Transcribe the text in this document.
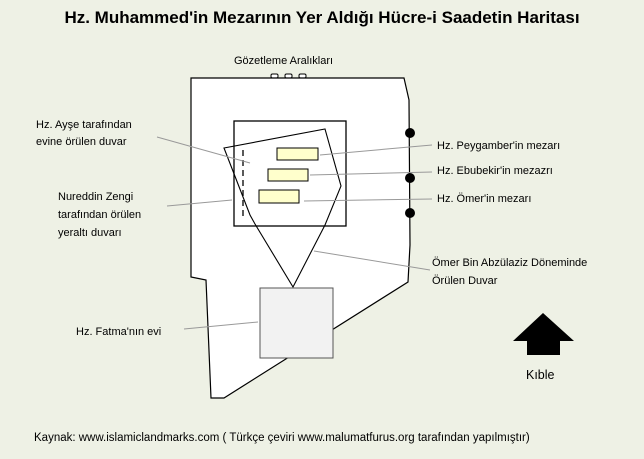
Hz. Muhammed'in Mezarının Yer Aldığı Hücre-i Saadetin Haritası
Gözetleme Aralıkları
Hz. Ayşe tarafından
evine örülen duvar
Nureddin Zengi
tarafından örülen
yeraltı duvarı
Hz. Fatma'nın evi
Hz. Peygamber'in mezarı
Hz. Ebubekir'in mezazrı
Hz. Ömer'in mezarı
Ömer Bin Abzülaziz Döneminde
Örülen Duvar
Kıble
Kaynak: www.islamiclandmarks.com ( Türkçe çeviri www.malumatfurus.org tarafından yapılmıştır)
